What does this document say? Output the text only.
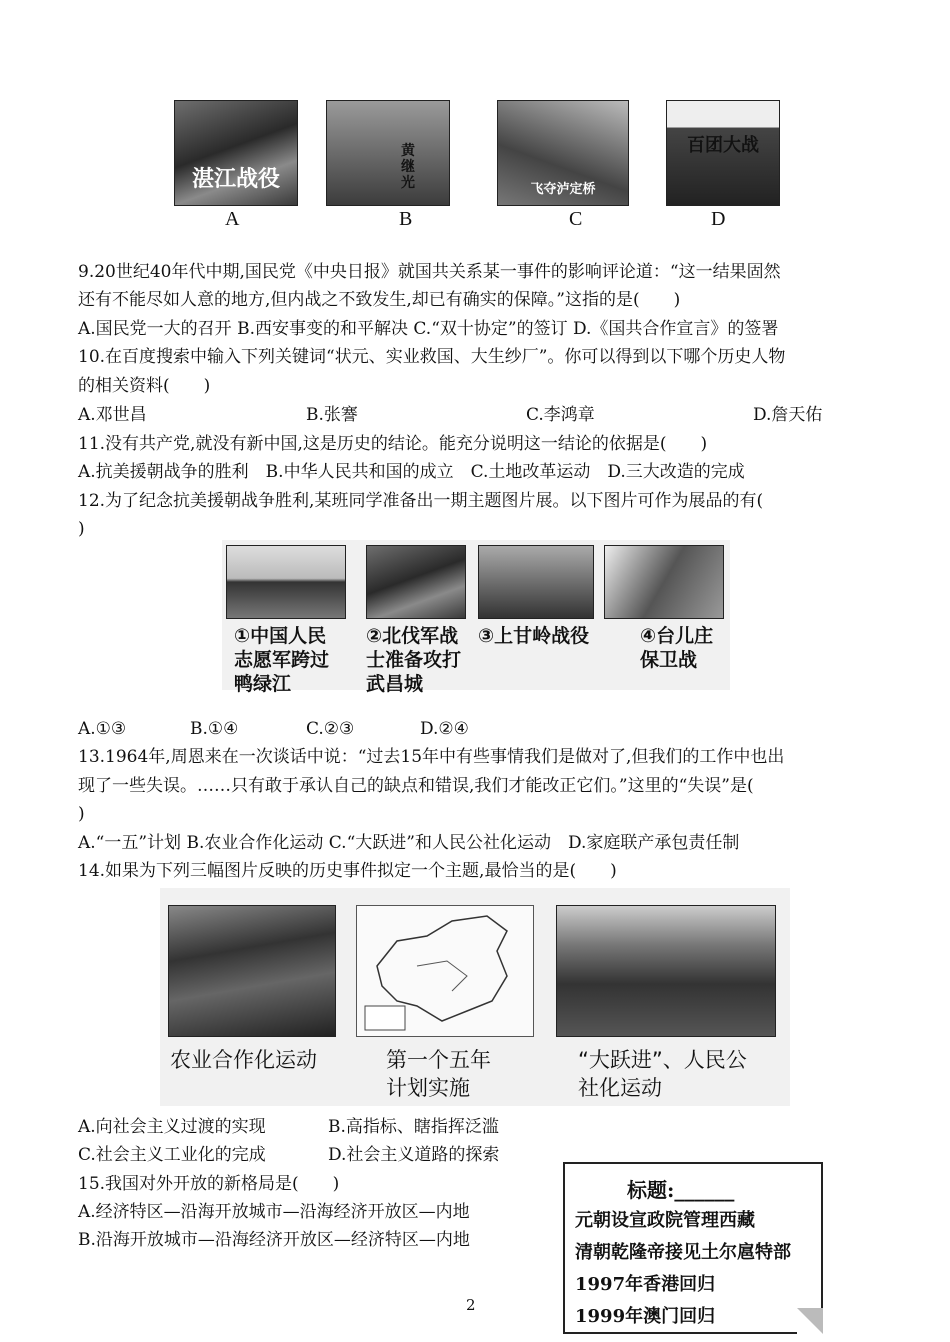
湛江战役
黄继光	飞夺泸定桥
百团大战
A	B	C	D
9.20世纪40年代中期,国民党《中央日报》就国共关系某一事件的影响评论道：“这一结果固然
还有不能尽如人意的地方,但内战之不致发生,却已有确实的保障。”这指的是(　　)
A.国民党一大的召开 B.西安事变的和平解决 C.“双十协定”的签订 D.《国共合作宣言》的签署
10.在百度搜索中输入下列关键词“状元、实业救国、大生纱厂”。你可以得到以下哪个历史人物
的相关资料(　　)
A.邓世昌	B.张謇	C.李鸿章	D.詹天佑
11.没有共产党,就没有新中国,这是历史的结论。能充分说明这一结论的依据是(　　)
A.抗美援朝战争的胜利　B.中华人民共和国的成立　C.土地改革运动　D.三大改造的完成
12.为了纪念抗美援朝战争胜利,某班同学准备出一期主题图片展。以下图片可作为展品的有(
)
①中国人民
志愿军跨过
鸭绿江
②北伐军战
士准备攻打
武昌城
③上甘岭战役	④台儿庄
保卫战
A.①③	B.①④	C.②③	D.②④
13.1964年,周恩来在一次谈话中说：“过去15年中有些事情我们是做对了,但我们的工作中也出
现了一些失误。……只有敢于承认自己的缺点和错误,我们才能改正它们。”这里的“失误”是(
)
A.“一五”计划 B.农业合作化运动 C.“大跃进”和人民公社化运动　D.家庭联产承包责任制
14.如果为下列三幅图片反映的历史事件拟定一个主题,最恰当的是(　　)
农业合作化运动	第一个五年
计划实施
“大跃进”、人民公
社化运动
A.向社会主义过渡的实现	B.高指标、瞎指挥泛滥
C.社会主义工业化的完成	D.社会主义道路的探索
15.我国对外开放的新格局是(　　)
A.经济特区—沿海开放城市—沿海经济开放区—内地
B.沿海开放城市—沿海经济开放区—经济特区—内地
标题:______
元朝设宣政院管理西藏
清朝乾隆帝接见土尔扈特部
1997年香港回归
1999年澳门回归
2
